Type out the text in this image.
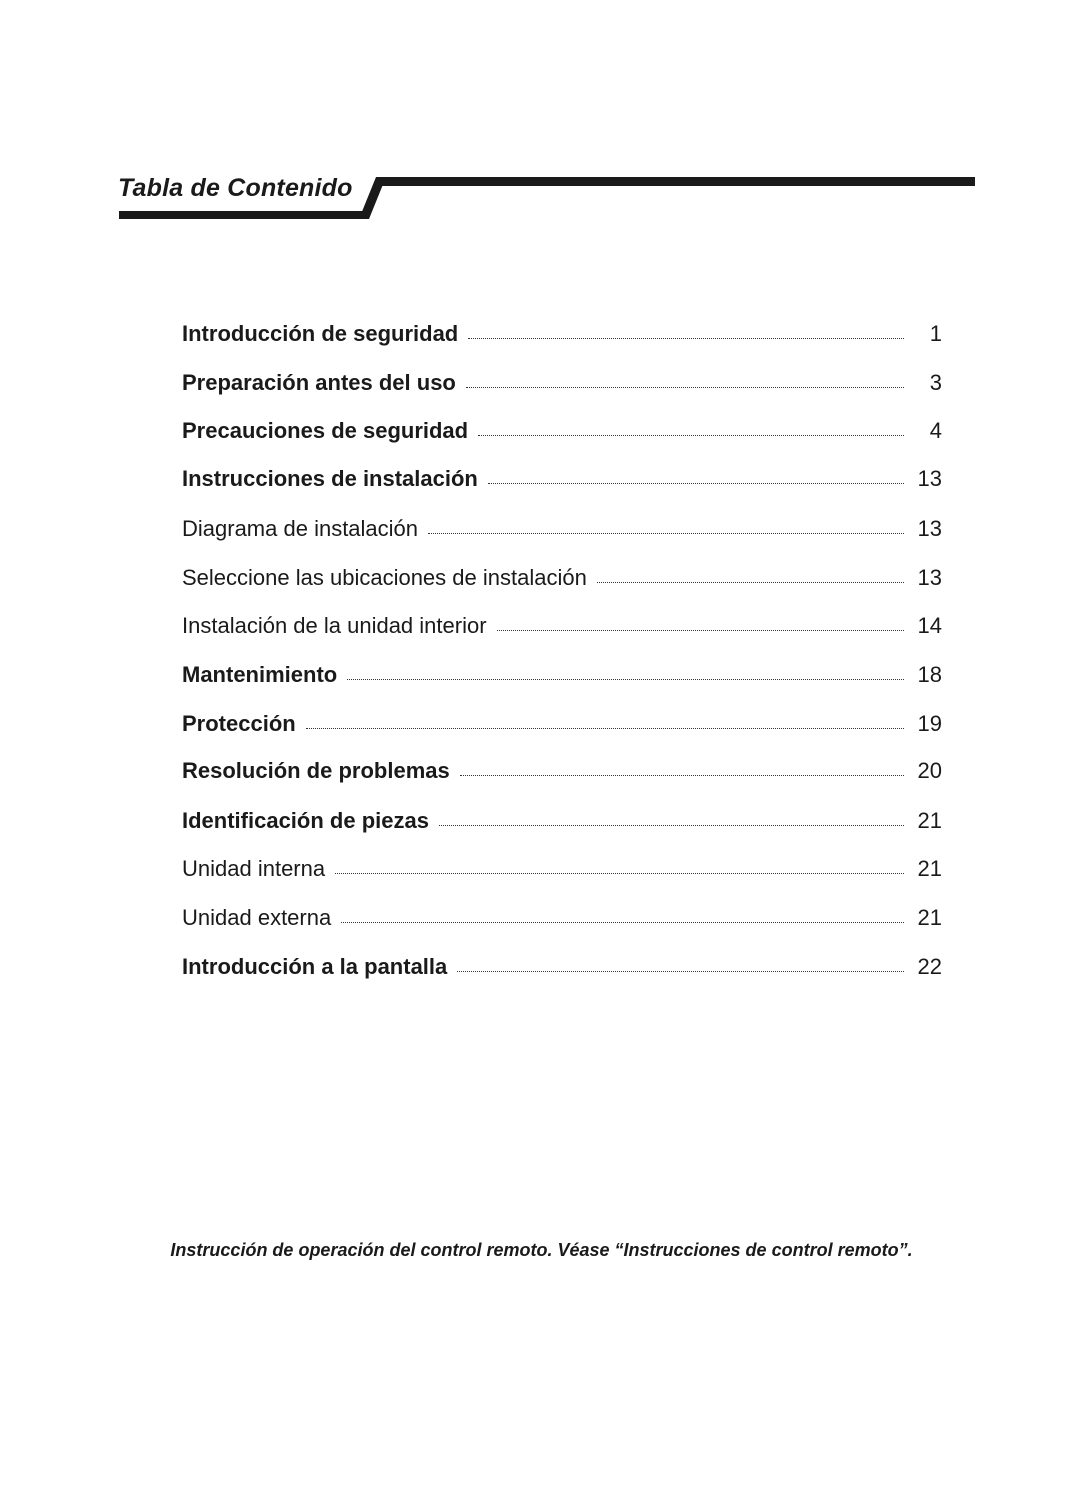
Tabla de Contenido
Introducción de seguridad	1
Preparación antes del uso	3
Precauciones de seguridad	4
Instrucciones de instalación	13
Diagrama de instalación	13
Seleccione las ubicaciones de instalación	13
Instalación de la unidad interior	14
Mantenimiento	18
Protección	19
Resolución de problemas	20
Identificación de piezas	21
Unidad interna	21
Unidad externa	21
Introducción a la pantalla	22
Instrucción de operación del control remoto. Véase “Instrucciones de control remoto”.
